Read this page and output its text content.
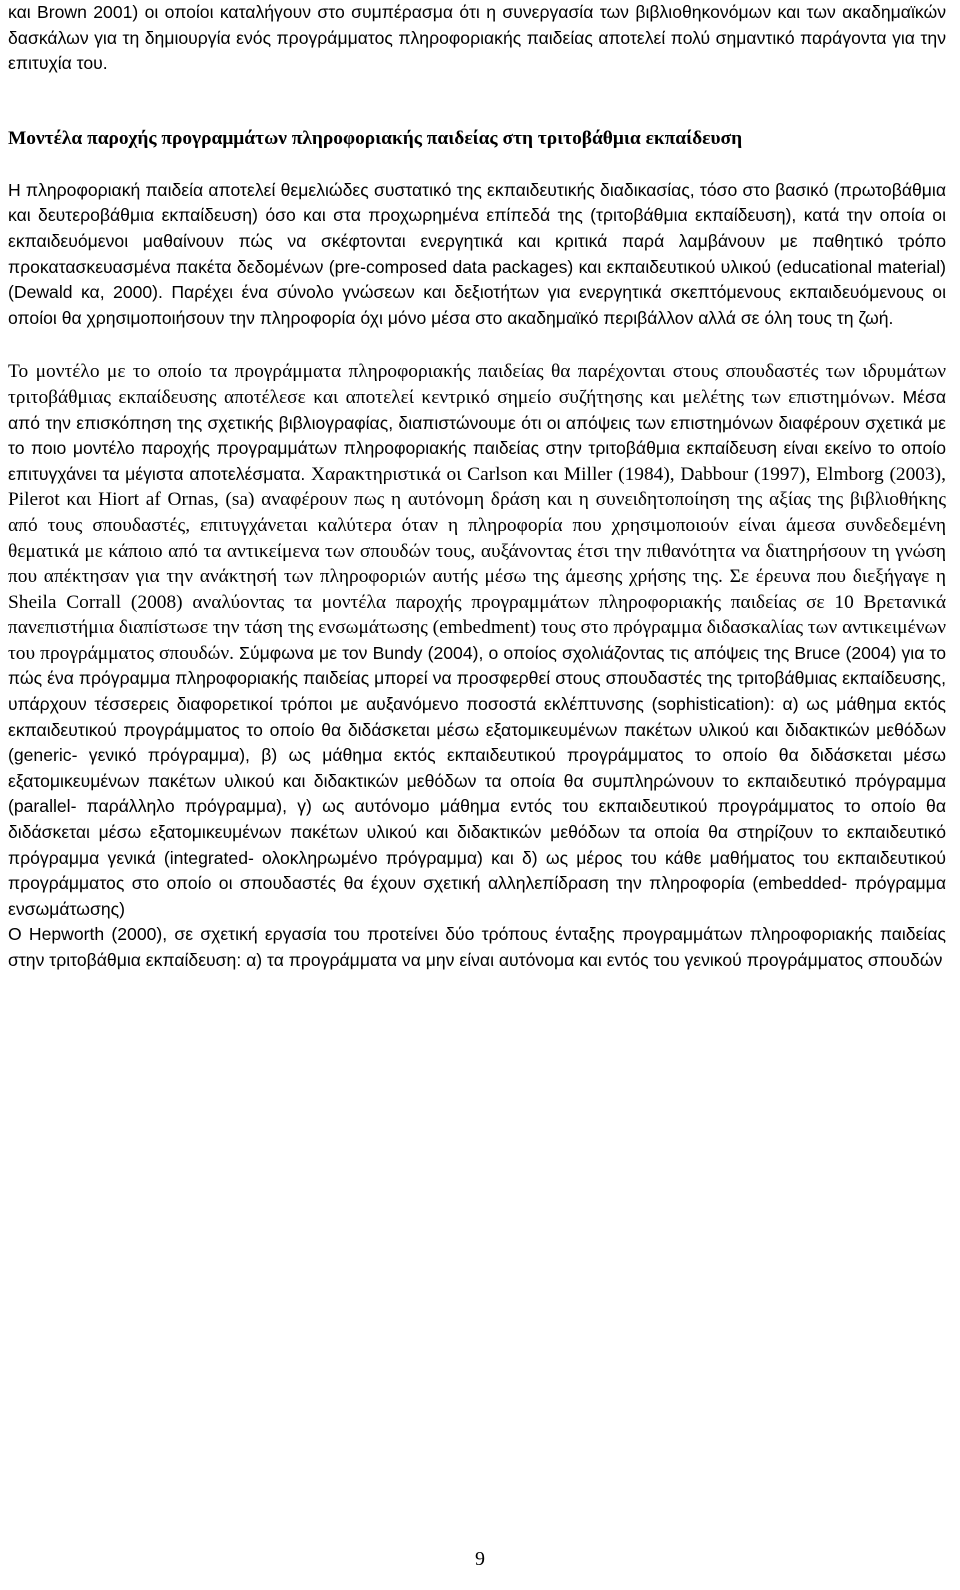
και Brown 2001) οι οποίοι καταλήγουν στο συμπέρασμα ότι η συνεργασία των βιβλιοθηκονόμων και των ακαδημαϊκών δασκάλων για τη δημιουργία ενός προγράμματος πληροφοριακής παιδείας αποτελεί πολύ σημαντικό παράγοντα για την επιτυχία του.

Μοντέλα παροχής προγραμμάτων πληροφοριακής παιδείας στη τριτοβάθμια εκπαίδευση

Η πληροφοριακή παιδεία αποτελεί θεμελιώδες συστατικό της εκπαιδευτικής διαδικασίας, τόσο στο βασικό (πρωτοβάθμια και δευτεροβάθμια εκπαίδευση) όσο και στα προχωρημένα επίπεδά της (τριτοβάθμια εκπαίδευση), κατά την οποία οι εκπαιδευόμενοι μαθαίνουν πώς να σκέφτονται ενεργητικά και κριτικά παρά λαμβάνουν με παθητικό τρόπο προκατασκευασμένα πακέτα δεδομένων (pre-composed data packages) και εκπαιδευτικού υλικού (educational material) (Dewald κα, 2000). Παρέχει ένα σύνολο γνώσεων και δεξιοτήτων για ενεργητικά σκεπτόμενους εκπαιδευόμενους οι οποίοι θα χρησιμοποιήσουν την πληροφορία όχι μόνο μέσα στο ακαδημαϊκό περιβάλλον αλλά σε όλη τους τη ζωή.

Το μοντέλο με το οποίο τα προγράμματα πληροφοριακής παιδείας θα παρέχονται στους σπουδαστές των ιδρυμάτων τριτοβάθμιας εκπαίδευσης αποτέλεσε και αποτελεί κεντρικό σημείο συζήτησης και μελέτης των επιστημόνων. Μέσα από την επισκόπηση της σχετικής βιβλιογραφίας, διαπιστώνουμε ότι οι απόψεις των επιστημόνων διαφέρουν σχετικά με το ποιο μοντέλο παροχής προγραμμάτων πληροφοριακής παιδείας στην τριτοβάθμια εκπαίδευση είναι εκείνο το οποίο επιτυγχάνει τα μέγιστα αποτελέσματα. Χαρακτηριστικά οι Carlson και Miller (1984), Dabbour (1997), Elmborg (2003), Pilerot και Hiort af Ornas, (sa) αναφέρουν πως η αυτόνομη δράση και η συνειδητοποίηση της αξίας της βιβλιοθήκης από τους σπουδαστές, επιτυγχάνεται καλύτερα όταν η πληροφορία που χρησιμοποιούν είναι άμεσα συνδεδεμένη θεματικά με κάποιο από τα αντικείμενα των σπουδών τους, αυξάνοντας έτσι την πιθανότητα να διατηρήσουν τη γνώση που απέκτησαν για την ανάκτησή των πληροφοριών αυτής μέσω της άμεσης χρήσης της. Σε έρευνα που διεξήγαγε η Sheila Corrall (2008) αναλύοντας τα μοντέλα παροχής προγραμμάτων πληροφοριακής παιδείας σε 10 Βρετανικά πανεπιστήμια διαπίστωσε την τάση της ενσωμάτωσης (embedment) τους στο πρόγραμμα διδασκαλίας των αντικειμένων του προγράμματος σπουδών. Σύμφωνα με τον Bundy (2004), ο οποίος σχολιάζοντας τις απόψεις της Bruce (2004) για το πώς ένα πρόγραμμα πληροφοριακής παιδείας μπορεί να προσφερθεί στους σπουδαστές της τριτοβάθμιας εκπαίδευσης, υπάρχουν τέσσερεις διαφορετικοί τρόποι με αυξανόμενο ποσοστά εκλέπτυνσης (sophistication): α) ως μάθημα εκτός εκπαιδευτικού προγράμματος το οποίο θα διδάσκεται μέσω εξατομικευμένων πακέτων υλικού και διδακτικών μεθόδων (generic- γενικό πρόγραμμα), β) ως μάθημα εκτός εκπαιδευτικού προγράμματος το οποίο θα διδάσκεται μέσω εξατομικευμένων πακέτων υλικού και διδακτικών μεθόδων τα οποία θα συμπληρώνουν το εκπαιδευτικό πρόγραμμα (parallel- παράλληλο πρόγραμμα), γ) ως αυτόνομο μάθημα εντός του εκπαιδευτικού προγράμματος το οποίο θα διδάσκεται μέσω εξατομικευμένων πακέτων υλικού και διδακτικών μεθόδων τα οποία θα στηρίζουν το εκπαιδευτικό πρόγραμμα γενικά (integrated- ολοκληρωμένο πρόγραμμα) και δ) ως μέρος του κάθε μαθήματος του εκπαιδευτικού προγράμματος στο οποίο οι σπουδαστές θα έχουν σχετική αλληλεπίδραση την πληροφορία (embedded- πρόγραμμα ενσωμάτωσης)

Ο Hepworth (2000), σε σχετική εργασία του προτείνει δύο τρόπους ένταξης προγραμμάτων πληροφοριακής παιδείας στην τριτοβάθμια εκπαίδευση: α) τα προγράμματα να μην είναι αυτόνομα και εντός του γενικού προγράμματος σπουδών

9
